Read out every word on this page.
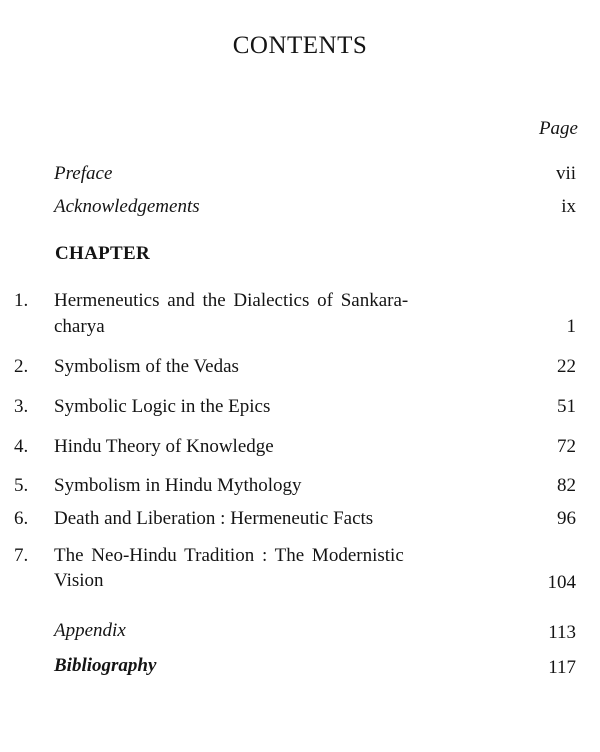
CONTENTS
Page
Preface	vii
Acknowledgements	ix
CHAPTER
1. Hermeneutics and the Dialectics of Sankara-
charya	1
2. Symbolism of the Vedas	22
3. Symbolic Logic in the Epics	51
4. Hindu Theory of Knowledge	72
5. Symbolism in Hindu Mythology	82
6. Death and Liberation : Hermeneutic Facts	96
7. The Neo-Hindu Tradition : The Modernistic
Vision	104
Appendix	113
Bibliography	117
